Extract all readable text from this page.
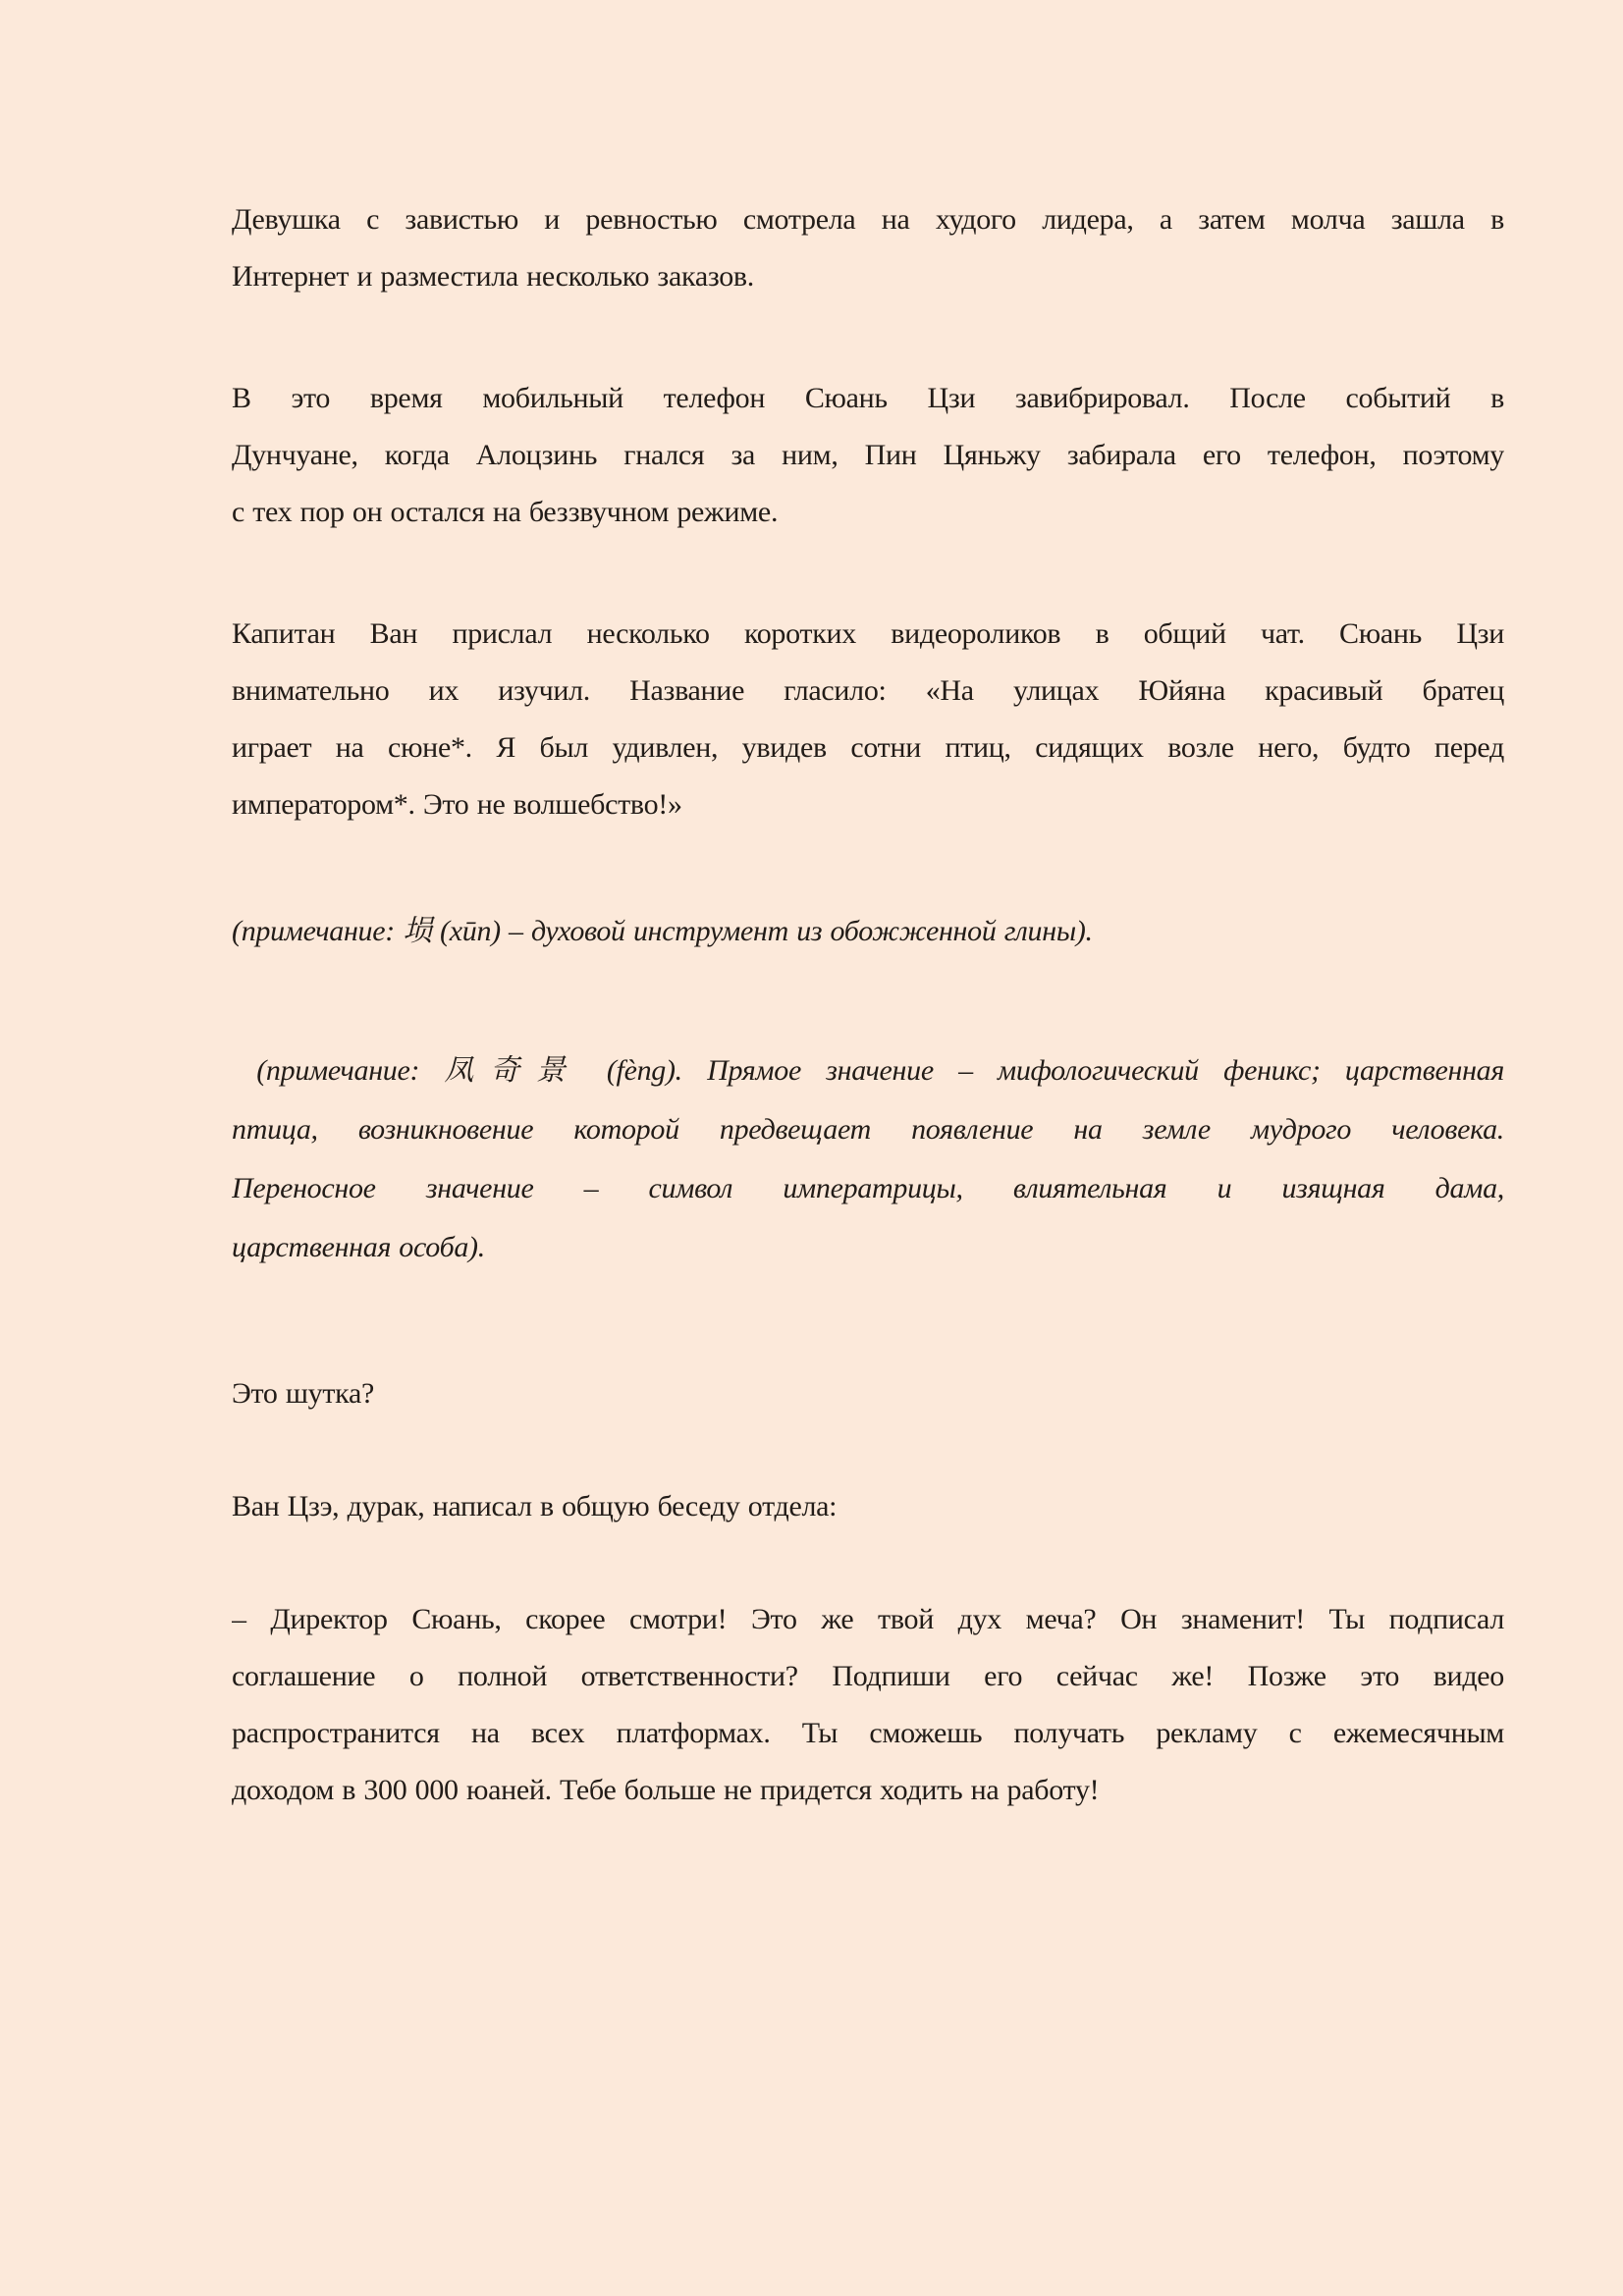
Девушка с завистью и ревностью смотрела на худого лидера, а затем молча зашла в
Интернет и разместила несколько заказов.
В это время мобильный телефон Сюань Цзи завибрировал. После событий в
Дунчуане, когда Алоцзинь гнался за ним, Пин Цяньжу забирала его телефон, поэтому
с тех пор он остался на беззвучном режиме.
Капитан Ван прислал несколько коротких видеороликов в общий чат. Сюань Цзи
внимательно их изучил. Название гласило: «На улицах Юйяна красивый братец
играет на сюне*. Я был удивлен, увидев сотни птиц, сидящих возле него, будто перед
императором*. Это не волшебство!»
(примечание: 埙 (xūn) – духовой инструмент из обожженной глины).
(примечание: 凤奇景 (fèng). Прямое значение – мифологический феникс; царственная
птица, возникновение которой предвещает появление на земле мудрого человека.
Переносное значение – символ императрицы, влиятельная и изящная дама,
царственная особа).
Это шутка?
Ван Цзэ, дурак, написал в общую беседу отдела:
– Директор Сюань, скорее смотри! Это же твой дух меча? Он знаменит! Ты подписал
соглашение о полной ответственности? Подпиши его сейчас же! Позже это видео
распространится на всех платформах. Ты сможешь получать рекламу с ежемесячным
доходом в 300 000 юаней. Тебе больше не придется ходить на работу!
